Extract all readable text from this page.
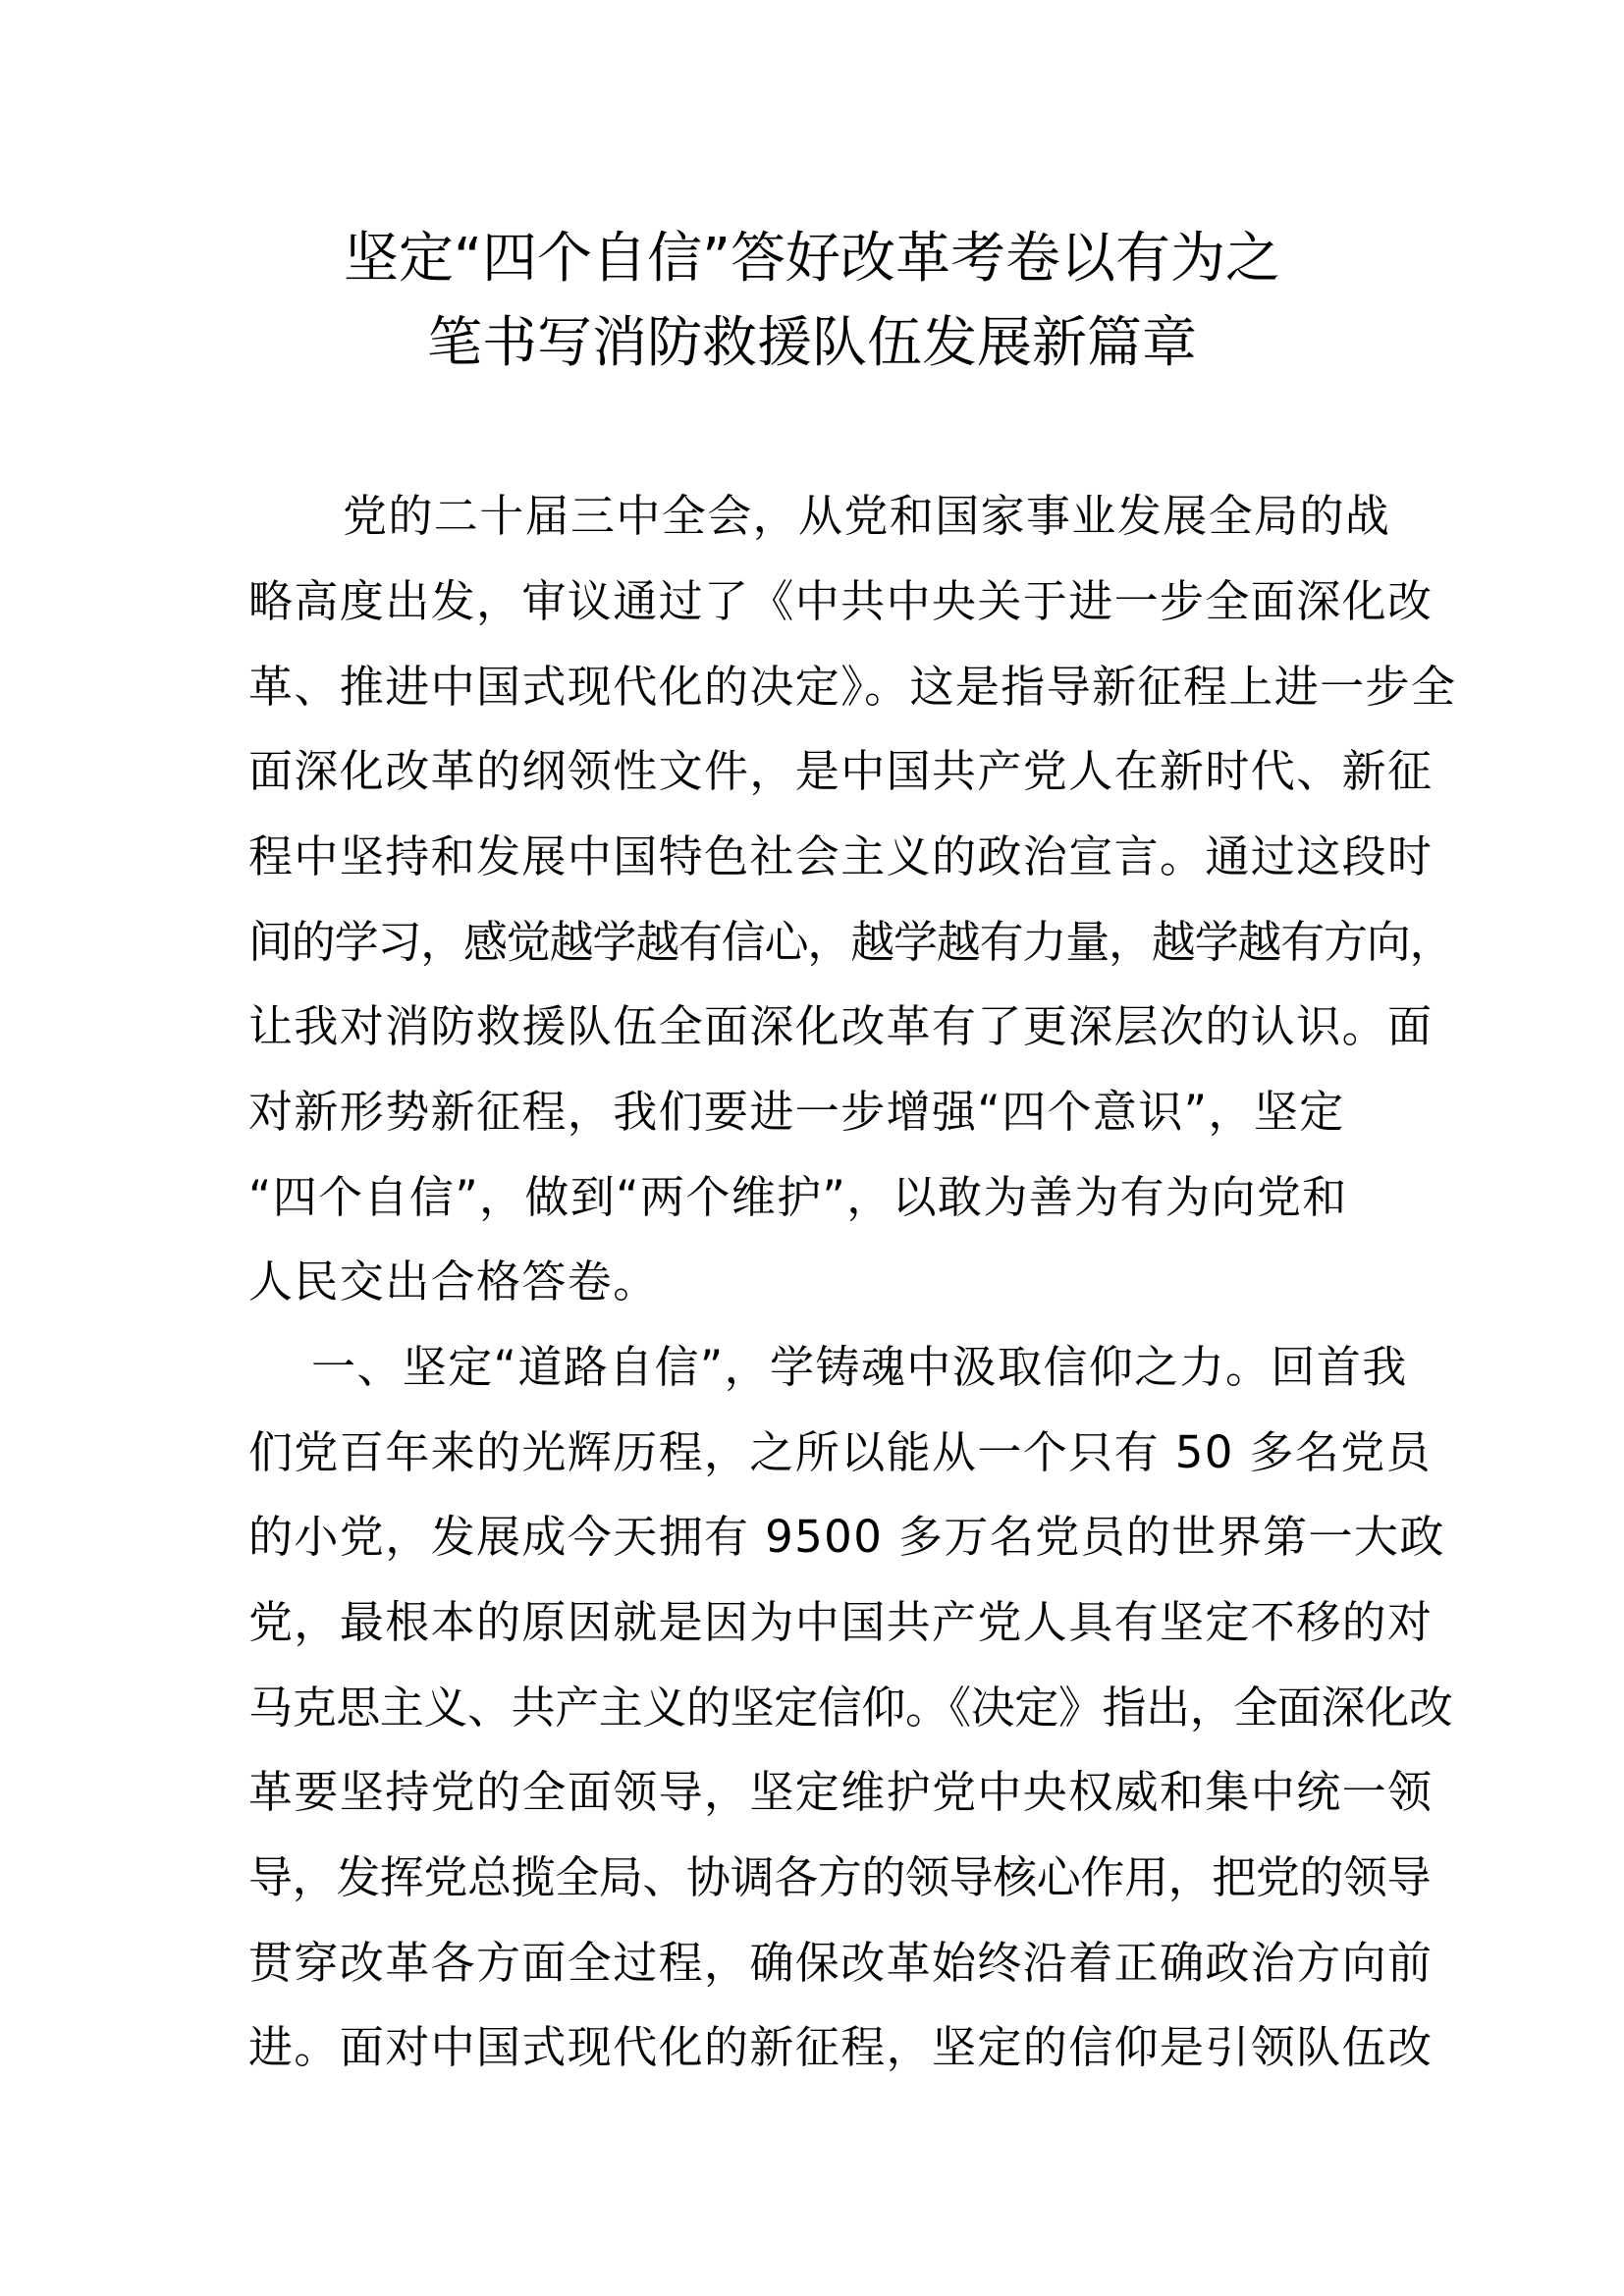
坚定“四个自信”答好改革考卷以有为之
笔书写消防救援队伍发展新篇章
党的二十届三中全会，从党和国家事业发展全局的战
略高度出发，审议通过了《中共中央关于进一步全面深化改
革、推进中国式现代化的决定》。这是指导新征程上进一步全
面深化改革的纲领性文件，是中国共产党人在新时代、新征
程中坚持和发展中国特色社会主义的政治宣言。通过这段时
间的学习，感觉越学越有信心，越学越有力量，越学越有方向，
让我对消防救援队伍全面深化改革有了更深层次的认识。面
对新形势新征程，我们要进一步增强“四个意识”，坚定
“四个自信”，做到“两个维护”，以敢为善为有为向党和
人民交出合格答卷。
一、坚定“道路自信”，学铸魂中汲取信仰之力。回首我
们党百年来的光辉历程，之所以能从一个只有 50 多名党员
的小党，发展成今天拥有 9500 多万名党员的世界第一大政
党，最根本的原因就是因为中国共产党人具有坚定不移的对
马克思主义、共产主义的坚定信仰。《决定》指出，全面深化改
革要坚持党的全面领导，坚定维护党中央权威和集中统一领
导，发挥党总揽全局、协调各方的领导核心作用，把党的领导
贯穿改革各方面全过程，确保改革始终沿着正确政治方向前
进。面对中国式现代化的新征程，坚定的信仰是引领队伍改
